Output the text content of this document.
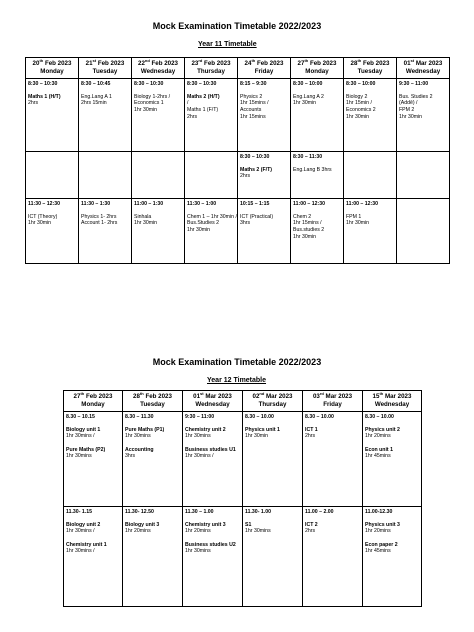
Mock Examination Timetable 2022/2023
Year 11 Timetable
20th Feb 2023
Monday	21st Feb 2023
Tuesday	22nd Feb 2023
Wednesday	23rd Feb 2023
Thursday	24th Feb 2023
Friday	27th Feb 2023
Monday	28th Feb 2023
Tuesday	01st Mar 2023
Wednesday

8:30 – 10:30
Maths 1 (H/T)
2hrs	8:30 – 10:45
Eng.Lang A 1
2hrs 15min	8:30 – 10:30
Biology 1-2hrs /
Economics 1
1hr 30min	8:30 – 10:30
Maths 2 (H/T)
/
Maths 1 (F/T)
2hrs	8:15 – 9:30
Physics 2
1hr 15mins /
Accounts
1hr 15mins	8:30 – 10:00
Eng.Lang A 2
1hr 30min	8:30 – 10:00
Biology 2
1hr 15min /
Economics 2
1hr 30min	9:30 – 11:00
Bus. Studies 2
(Addē) /
FPM 2
1hr 30min

				8:30 – 10:30
Maths 2 (F/T)
2hrs	8:30 – 11:30
Eng.Lang B 3hrs		

11:30 – 12:30
ICT (Theory)
1hr 30min	11:30 – 1:30
Physics 1- 2hrs
Account 1- 2hrs	11:00 – 1:30
Sinhala
1hr 30min	11:30 – 1:00
Chem 1 – 1hr 30min /
Bus.Studies 2
1hr 30min	10:15 – 1:15
ICT (Practical)
3hrs	11:00 – 12:30
Chem 2
1hr 15mins /
Bus.studies 2
1hr 30min	11:00 – 12:30
FPM 1
1hr 30min	

Mock Examination Timetable 2022/2023
Year 12 Timetable
27th Feb 2023
Monday	28th Feb 2023
Tuesday	01st Mar 2023
Wednesday	02nd Mar 2023
Thursday	03rd Mar 2023
Friday	15th Mar 2023
Wednesday

8.30 – 10.15
Biology unit 1
1hr 30mins /
Pure Maths (P2)
1hr 30mins	8.30 – 11.30
Pure Maths (P1)
1hr 30mins
Accounting
3hrs	9:30 – 11:00
Chemistry unit 2
1hr 30mins
Business studies U1
1hr 30mins /	8.30 – 10.00
Physics unit 1
1hr 30min	8.30 – 10.00
ICT 1
2hrs	8.30 – 10.00
Physics unit 2
1hr 20mins
Econ unit 1
1hr 45mins

11.30- 1.15
Biology unit 2
1hr 30mins /
Chemistry unit 1
1hr 30mins /	11.30- 12.50
Biology unit 3
1hr 20mins	11.30 – 1.00
Chemistry unit 3
1hr 20mins
Business studies U2
1hr 30mins	11.30- 1.00
S1
1hr 30mins	11.00 – 2.00
ICT 2
2hrs	11.00-12.30
Physics unit 3
1hr 20mins
Econ paper 2
1hr 45mins
